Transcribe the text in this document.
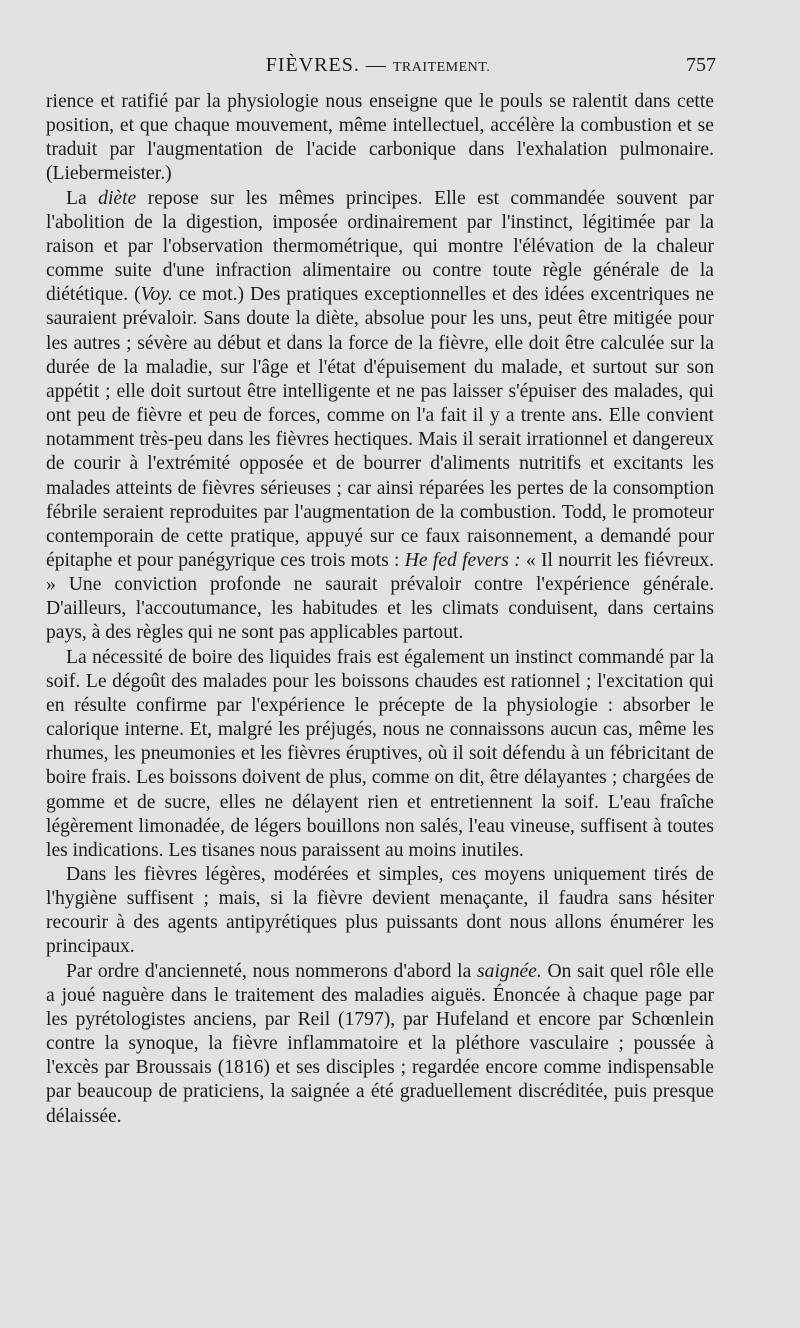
FIÈVRES. — TRAITEMENT.	757

rience et ratifié par la physiologie nous enseigne que le pouls se ralentit dans cette position, et que chaque mouvement, même intellectuel, accélère la combustion et se traduit par l'augmentation de l'acide carbonique dans l'exhalation pulmonaire. (Liebermeister.)

La diète repose sur les mêmes principes. Elle est commandée souvent par l'abolition de la digestion, imposée ordinairement par l'instinct, légitimée par la raison et par l'observation thermométrique, qui montre l'élévation de la chaleur comme suite d'une infraction alimentaire ou contre toute règle générale de la diététique. (Voy. ce mot.) Des pratiques exceptionnelles et des idées excentriques ne sauraient prévaloir. Sans doute la diète, absolue pour les uns, peut être mitigée pour les autres ; sévère au début et dans la force de la fièvre, elle doit être calculée sur la durée de la maladie, sur l'âge et l'état d'épuisement du malade, et surtout sur son appétit ; elle doit surtout être intelligente et ne pas laisser s'épuiser des malades, qui ont peu de fièvre et peu de forces, comme on l'a fait il y a trente ans. Elle convient notamment très-peu dans les fièvres hectiques. Mais il serait irrationnel et dangereux de courir à l'extrémité opposée et de bourrer d'aliments nutritifs et excitants les malades atteints de fièvres sérieuses ; car ainsi réparées les pertes de la consomption fébrile seraient reproduites par l'augmentation de la combustion. Todd, le promoteur contemporain de cette pratique, appuyé sur ce faux raisonnement, a demandé pour épitaphe et pour panégyrique ces trois mots : He fed fevers : « Il nourrit les fiévreux. » Une conviction profonde ne saurait prévaloir contre l'expérience générale. D'ailleurs, l'accoutumance, les habitudes et les climats conduisent, dans certains pays, à des règles qui ne sont pas applicables partout.

La nécessité de boire des liquides frais est également un instinct commandé par la soif. Le dégoût des malades pour les boissons chaudes est rationnel ; l'excitation qui en résulte confirme par l'expérience le précepte de la physiologie : absorber le calorique interne. Et, malgré les préjugés, nous ne connaissons aucun cas, même les rhumes, les pneumonies et les fièvres éruptives, où il soit défendu à un fébricitant de boire frais. Les boissons doivent de plus, comme on dit, être délayantes ; chargées de gomme et de sucre, elles ne délayent rien et entretiennent la soif. L'eau fraîche légèrement limonadée, de légers bouillons non salés, l'eau vineuse, suffisent à toutes les indications. Les tisanes nous paraissent au moins inutiles.

Dans les fièvres légères, modérées et simples, ces moyens uniquement tirés de l'hygiène suffisent ; mais, si la fièvre devient menaçante, il faudra sans hésiter recourir à des agents antipyrétiques plus puissants dont nous allons énumérer les principaux.

Par ordre d'ancienneté, nous nommerons d'abord la saignée. On sait quel rôle elle a joué naguère dans le traitement des maladies aiguës. Énoncée à chaque page par les pyrétologistes anciens, par Reil (1797), par Hufeland et encore par Schœnlein contre la synoque, la fièvre inflammatoire et la pléthore vasculaire ; poussée à l'excès par Broussais (1816) et ses disciples ; regardée encore comme indispensable par beaucoup de praticiens, la saignée a été graduellement discréditée, puis presque délaissée.
